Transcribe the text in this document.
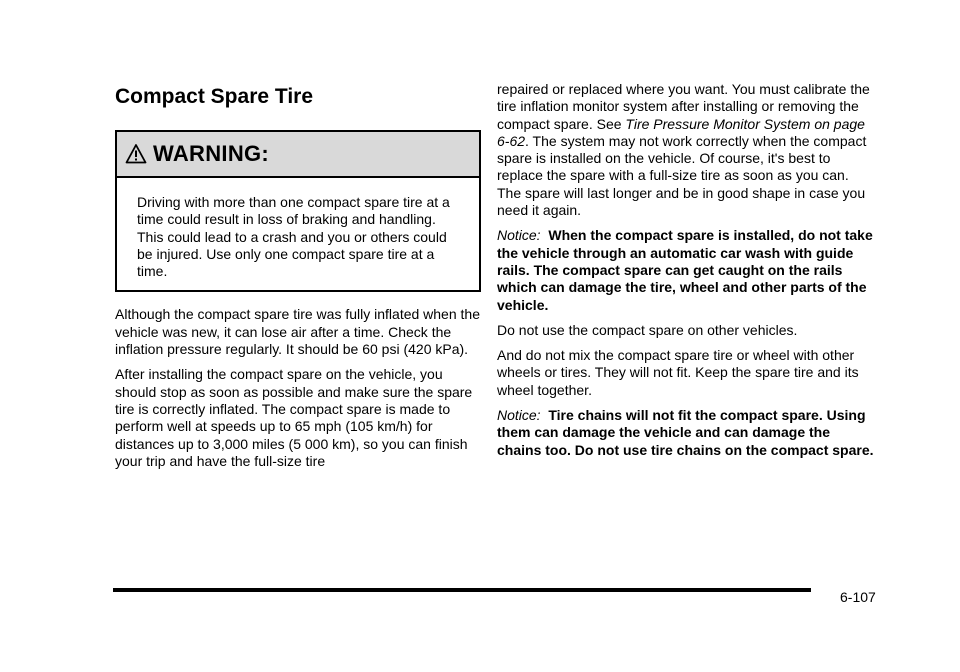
Compact Spare Tire
WARNING:
Driving with more than one compact spare tire at a time could result in loss of braking and handling. This could lead to a crash and you or others could be injured. Use only one compact spare tire at a time.

Although the compact spare tire was fully inflated when the vehicle was new, it can lose air after a time. Check the inflation pressure regularly. It should be 60 psi (420 kPa).

After installing the compact spare on the vehicle, you should stop as soon as possible and make sure the spare tire is correctly inflated. The compact spare is made to perform well at speeds up to 65 mph (105 km/h) for distances up to 3,000 miles (5 000 km), so you can finish your trip and have the full-size tire

repaired or replaced where you want. You must calibrate the tire inflation monitor system after installing or removing the compact spare. See Tire Pressure Monitor System on page 6-62. The system may not work correctly when the compact spare is installed on the vehicle. Of course, it's best to replace the spare with a full-size tire as soon as you can. The spare will last longer and be in good shape in case you need it again.

Notice: When the compact spare is installed, do not take the vehicle through an automatic car wash with guide rails. The compact spare can get caught on the rails which can damage the tire, wheel and other parts of the vehicle.

Do not use the compact spare on other vehicles.

And do not mix the compact spare tire or wheel with other wheels or tires. They will not fit. Keep the spare tire and its wheel together.

Notice: Tire chains will not fit the compact spare. Using them can damage the vehicle and can damage the chains too. Do not use tire chains on the compact spare.

6-107
